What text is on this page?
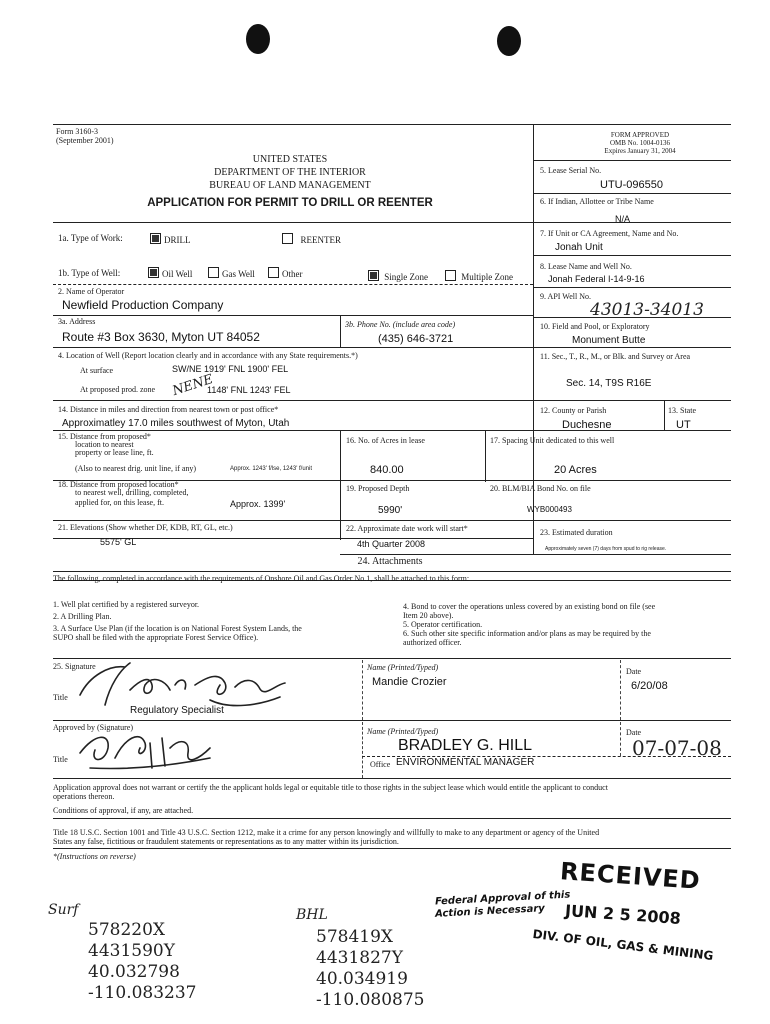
Form 3160-3
(September 2001)
UNITED STATES
DEPARTMENT OF THE INTERIOR
BUREAU OF LAND MANAGEMENT
APPLICATION FOR PERMIT TO DRILL OR REENTER
FORM APPROVED
OMB No. 1004-0136
Expires January 31, 2004
5. Lease Serial No.
UTU-096550
6. If Indian, Allottee or Tribe Name
N/A
7. If Unit or CA Agreement, Name and No.
Jonah Unit
8. Lease Name and Well No.
Jonah Federal I-14-9-16
9. API Well No.
43013-34013
10. Field and Pool, or Exploratory
Monument Butte
11. Sec., T., R., M., or Blk. and Survey or Area
Sec. 14, T9S R16E
12. County or Parish
Duchesne
13. State
UT
1a. Type of Work:	DRILL	REENTER
1b. Type of Well:	Oil Well	Gas Well	Other	Single Zone	Multiple Zone
2. Name of Operator
Newfield Production Company
3a. Address
Route #3 Box 3630, Myton UT 84052
3b. Phone No. (include area code)
(435) 646-3721
4. Location of Well (Report location clearly and in accordance with any State requirements.*)
At surface	SW/NE 1919' FNL 1900' FEL
At proposed prod. zone NENE
1148' FNL 1243' FEL
14. Distance in miles and direction from nearest town or post office*
Approximatley 17.0 miles southwest of Myton, Utah
15. Distance from proposed*
location to nearest
property or lease line, ft.
(Also to nearest drig. unit line, if any)	Approx. 1243' f/lse, 1243' f/unit
16. No. of Acres in lease
840.00
17. Spacing Unit dedicated to this well
20 Acres
18. Distance from proposed location*
to nearest well, drilling, completed,
applied for, on this lease, ft.	Approx. 1399'
19. Proposed Depth
5990'
20. BLM/BIA Bond No. on file
WYB000493
21. Elevations (Show whether DF, KDB, RT, GL, etc.)
5575' GL
22. Approximate date work will start*
4th Quarter 2008
23. Estimated duration
Approximately seven (7) days from spud to rig release.
24. Attachments
The following, completed in accordance with the requirements of Onshore Oil and Gas Order No.1, shall be attached to this form:
1. Well plat certified by a registered surveyor.
2. A Drilling Plan.
3. A Surface Use Plan (if the location is on National Forest System Lands, the
SUPO shall be filed with the appropriate Forest Service Office).
4. Bond to cover the operations unless covered by an existing bond on file (see
Item 20 above).
5. Operator certification.
6. Such other site specific information and/or plans as may be required by the
authorized officer.
25. Signature	Name (Printed/Typed)
Mandie Crozier
Date
6/20/08
Title
Regulatory Specialist
Approved by (Signature)	Name (Printed/Typed)
BRADLEY G. HILL
Date
07-07-08
Title
Office ENVIRONMENTAL MANAGER
Application approval does not warrant or certify the the applicant holds legal or equitable title to those rights in the subject lease which would entitle the applicant to conduct
operations thereon.
Conditions of approval, if any, are attached.
Title 18 U.S.C. Section 1001 and Title 43 U.S.C. Section 1212, make it a crime for any person knowingly and willfully to make to any department or agency of the United
States any false, fictitious or fraudulent statements or representations as to any matter within its jurisdiction.
*(Instructions on reverse)
RECEIVED
Federal Approval of this
Action is Necessary JUN 2 5 2008
DIV. OF OIL, GAS & MINING
Surf
578220X
4431590Y
40.032798
-110.083237
BHL
578419X
4431827Y
40.034919
-110.080875
